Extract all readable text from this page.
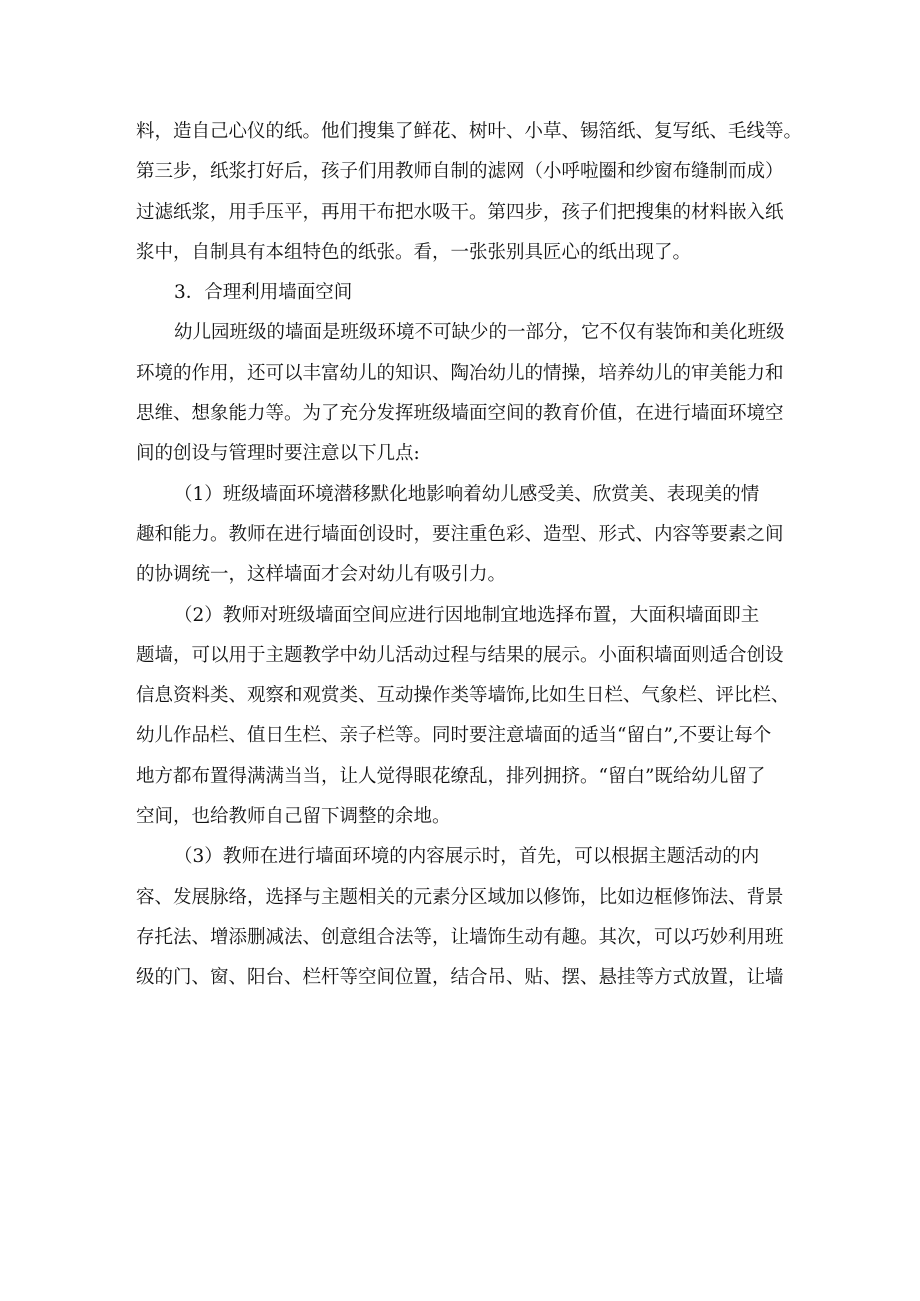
料，造自己心仪的纸。他们搜集了鲜花、树叶、小草、锡箔纸、复写纸、毛线等。
第三步，纸浆打好后，孩子们用教师自制的滤网（小呼啦圈和纱窗布缝制而成）
过滤纸浆，用手压平，再用干布把水吸干。第四步，孩子们把搜集的材料嵌入纸
浆中，自制具有本组特色的纸张。看，一张张别具匠心的纸出现了。
3．合理利用墙面空间
幼儿园班级的墙面是班级环境不可缺少的一部分，它不仅有装饰和美化班级
环境的作用，还可以丰富幼儿的知识、陶冶幼儿的情操，培养幼儿的审美能力和
思维、想象能力等。为了充分发挥班级墙面空间的教育价值，在进行墙面环境空
间的创设与管理时要注意以下几点:
（1）班级墙面环境潜移默化地影响着幼儿感受美、欣赏美、表现美的情
趣和能力。教师在进行墙面创设时，要注重色彩、造型、形式、内容等要素之间
的协调统一，这样墙面才会对幼儿有吸引力。
（2）教师对班级墙面空间应进行因地制宜地选择布置，大面积墙面即主
题墙，可以用于主题教学中幼儿活动过程与结果的展示。小面积墙面则适合创设
信息资料类、观察和观赏类、互动操作类等墙饰,比如生日栏、气象栏、评比栏、
幼儿作品栏、值日生栏、亲子栏等。同时要注意墙面的适当“留白”,不要让每个
地方都布置得满满当当，让人觉得眼花缭乱，排列拥挤。“留白”既给幼儿留了
空间，也给教师自己留下调整的余地。
（3）教师在进行墙面环境的内容展示时，首先，可以根据主题活动的内
容、发展脉络，选择与主题相关的元素分区域加以修饰，比如边框修饰法、背景
存托法、增添删减法、创意组合法等，让墙饰生动有趣。其次，可以巧妙利用班
级的门、窗、阳台、栏杆等空间位置，结合吊、贴、摆、悬挂等方式放置，让墙
